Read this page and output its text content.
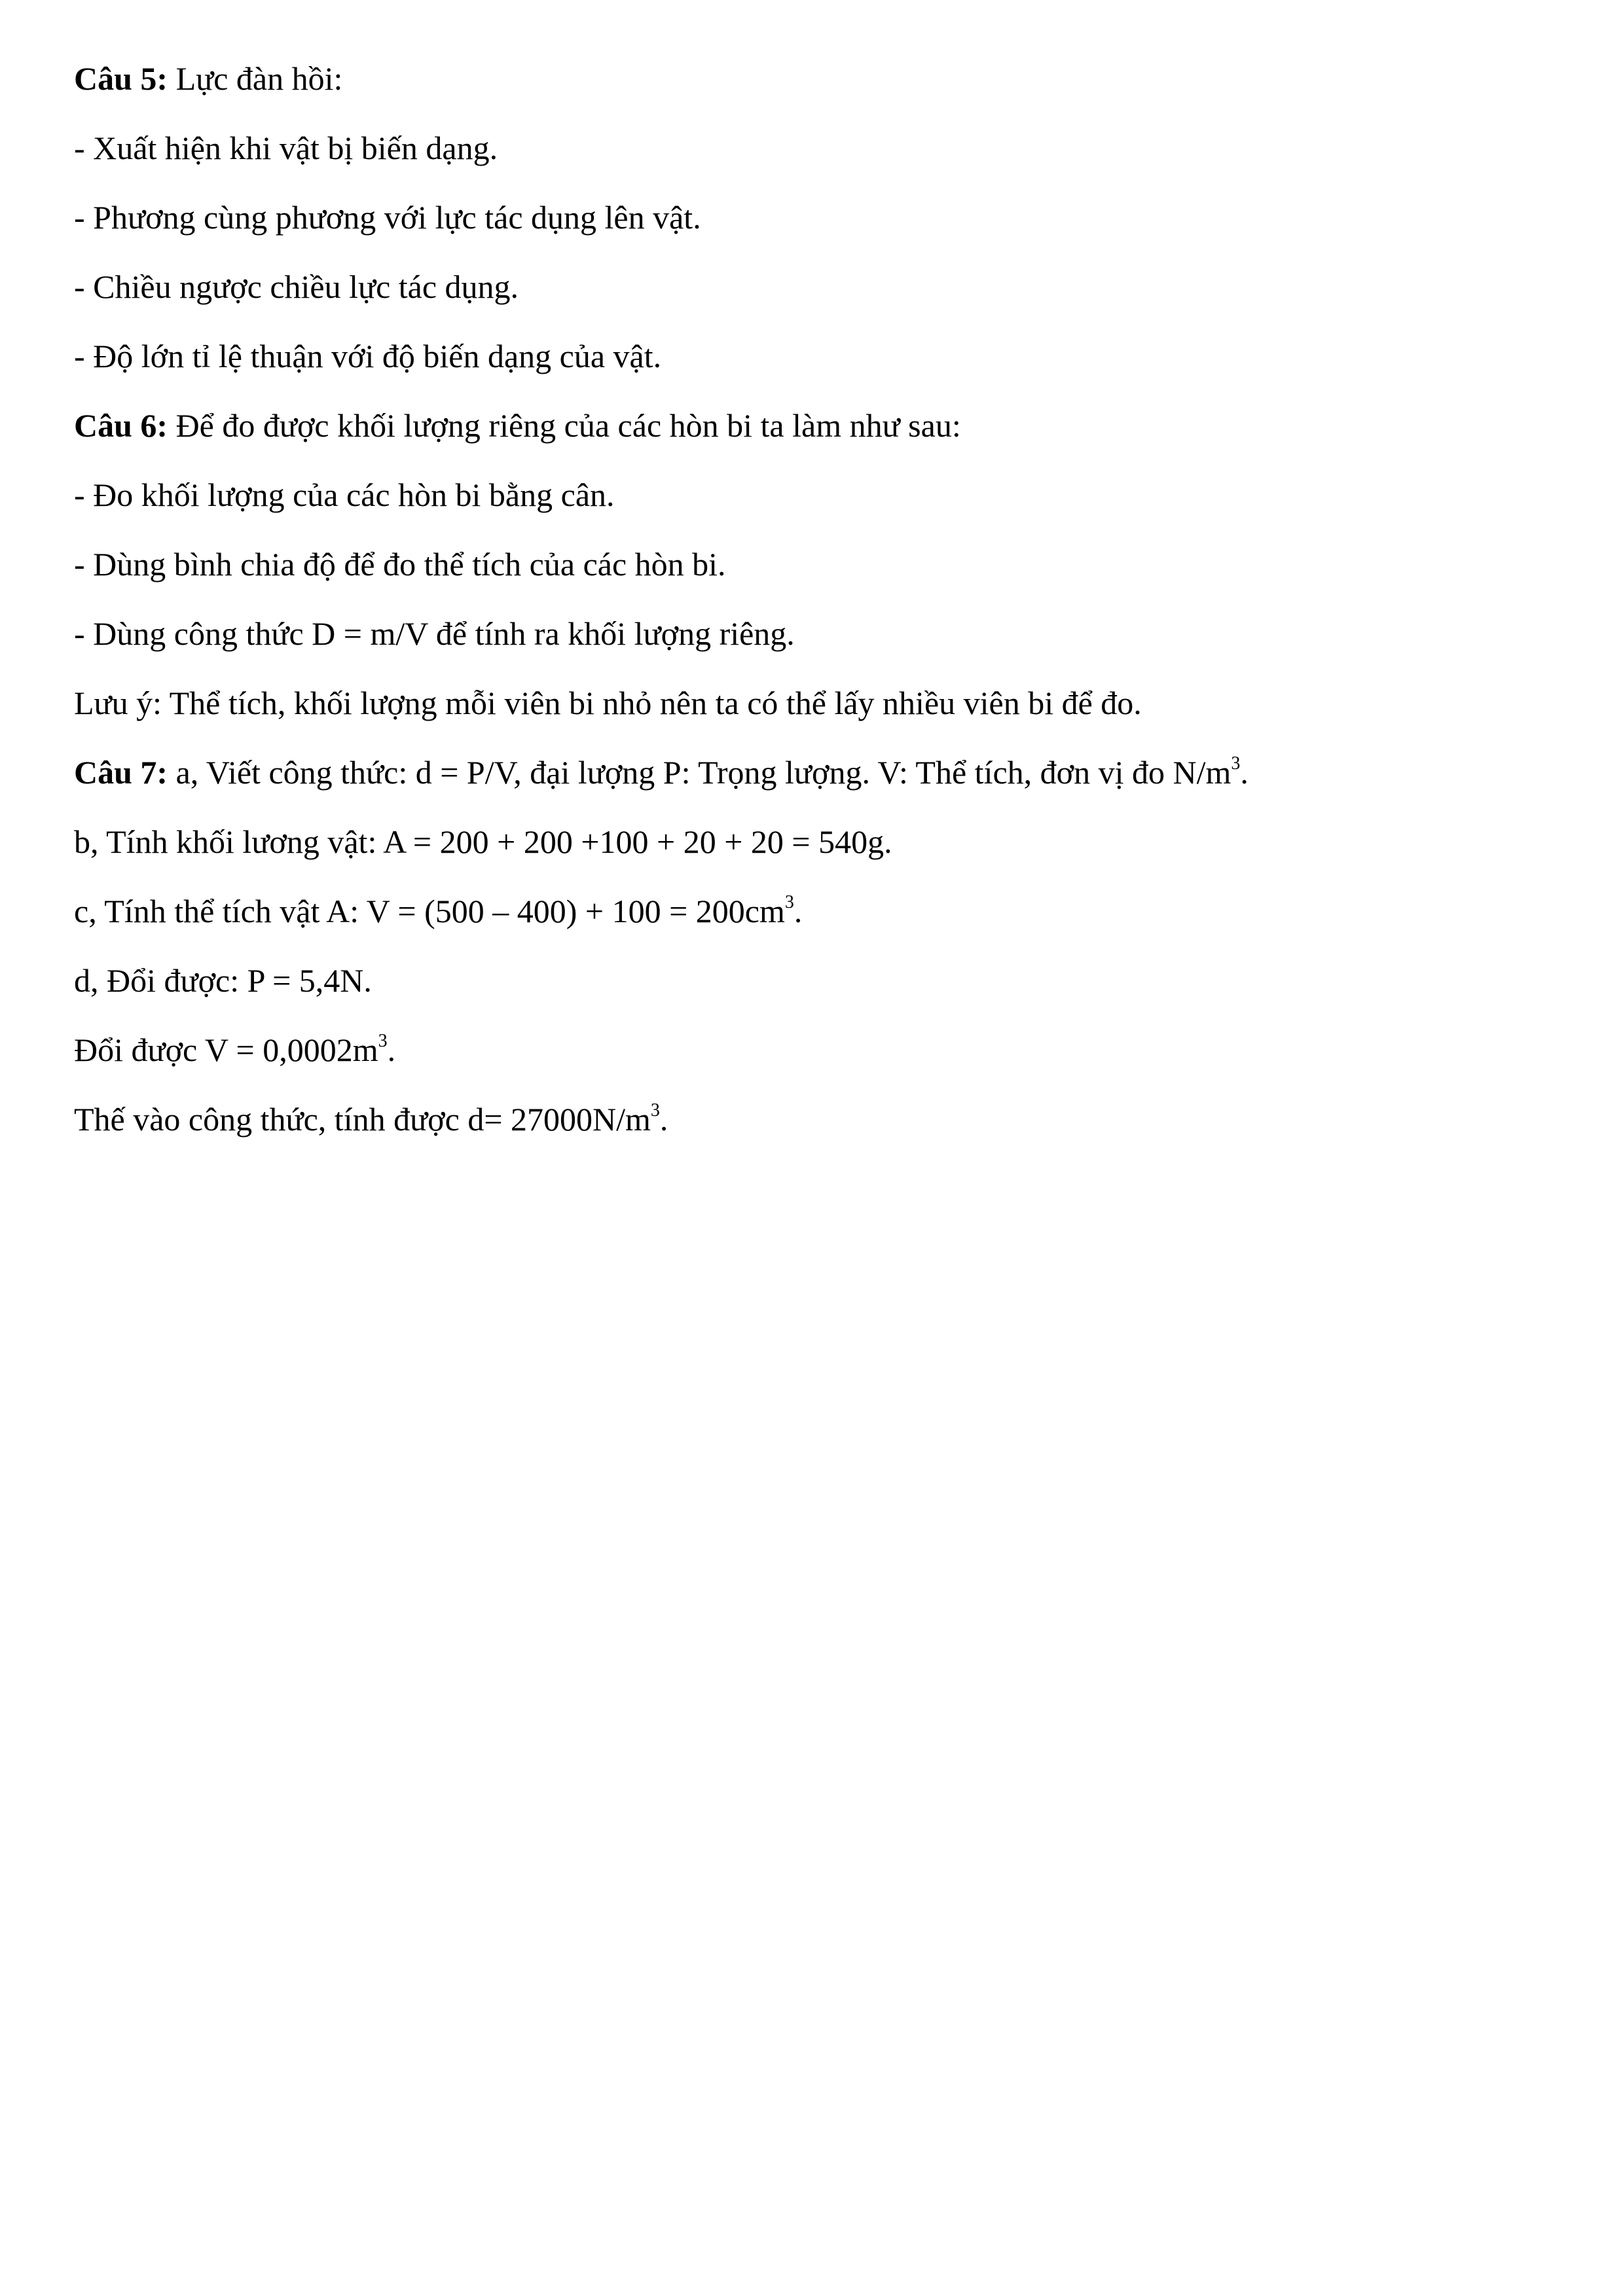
Câu 5: Lực đàn hồi:
- Xuất hiện khi vật bị biến dạng.
- Phương cùng phương với lực tác dụng lên vật.
- Chiều ngược chiều lực tác dụng.
- Độ lớn tỉ lệ thuận với độ biến dạng của vật.
Câu 6: Để đo được khối lượng riêng của các hòn bi ta làm như sau:
- Đo khối lượng của các hòn bi bằng cân.
- Dùng bình chia độ để đo thể tích của các hòn bi.
- Dùng công thức D = m/V để tính ra khối lượng riêng.
Lưu ý: Thể tích, khối lượng mỗi viên bi nhỏ nên ta có thể lấy nhiều viên bi để đo.
Câu 7: a, Viết công thức: d = P/V, đại lượng P: Trọng lượng. V: Thể tích, đơn vị đo $N/m^3$.
b, Tính khối lương vật: A = 200 + 200 +100 + 20 + 20 = 540g.
c, Tính thể tích vật A: $V = (500 - 400) + 100 = 200cm^3$.
d, Đổi được: P = 5,4N.
Đổi được $V = 0,0002m^3$.
Thế vào công thức, tính được $d= 27000N/m^3$.
